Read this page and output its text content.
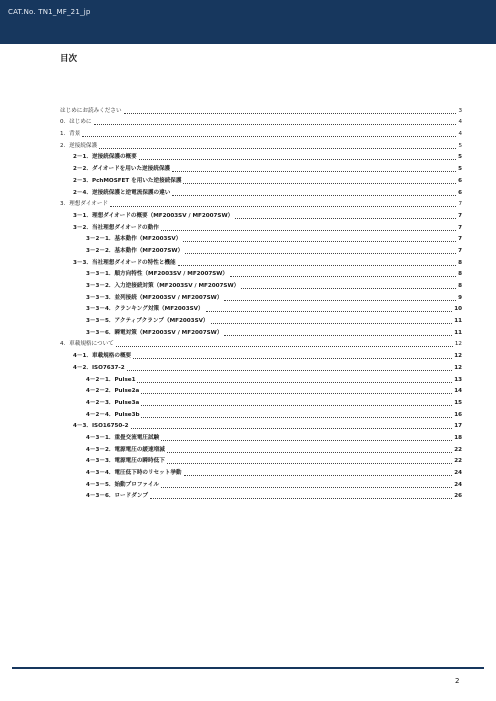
CAT.No. TN1_MF_21_jp
目次
はじめにお読みください	3
0．はじめに	4
1．背景	4
2．逆接続保護	5
2－1．逆接続保護の概要	5
2－2．ダイオードを用いた逆接続保護	5
2－3．PchMOSFET を用いた逆接続保護	6
2－4．逆接続保護と逆電流保護の違い	6
3．理想ダイオード	7
3－1．理想ダイオードの概要（MF2003SV / MF2007SW）	7
3－2．当社理想ダイオードの動作	7
3－2－1．基本動作（MF2003SV）	7
3－2－2．基本動作（MF2007SW）	7
3－3．当社理想ダイオードの特性と機能	8
3－3－1．順方向特性（MF2003SV / MF2007SW）	8
3－3－2．入力逆接続対策（MF2003SV / MF2007SW）	8
3－3－3．並列接続（MF2003SV / MF2007SW）	9
3－3－4．クランキング対策（MF2003SV）	10
3－3－5．アクティブクランプ（MF2003SV）	11
3－3－6．瞬電対策（MF2003SV / MF2007SW）	11
4．車載規格について	12
4－1．車載規格の概要	12
4－2．ISO7637-2	12
4－2－1．Pulse1	13
4－2－2．Pulse2a	14
4－2－3．Pulse3a	15
4－2－4．Pulse3b	16
4－3．ISO16750-2	17
4－3－1．重畳交流電圧試験	18
4－3－2．電源電圧の緩速増減	22
4－3－3．電源電圧の瞬時低下	22
4－3－4．電圧低下時のリセット挙動	24
4－3－5．始動プロファイル	24
4－3－6．ロードダンプ	26
2
